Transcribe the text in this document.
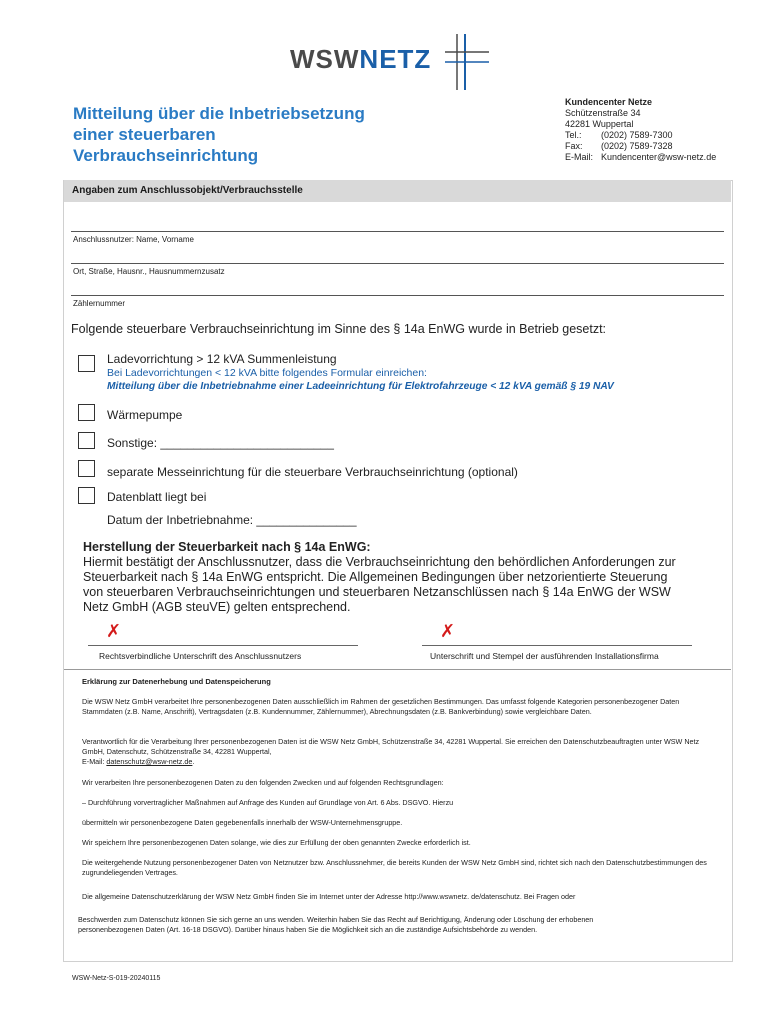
WSWNETZ
Mitteilung über die Inbetriebsetzung
einer steuerbaren
Verbrauchseinrichtung
Kundencenter Netze
Schützenstraße 34
42281 Wuppertal
Tel.: (0202) 7589-7300
Fax: (0202) 7589-7328
E-Mail: Kundencenter@wsw-netz.de
Angaben zum Anschlussobjekt/Verbrauchsstelle
Anschlussnutzer: Name, Vorname
Ort, Straße, Hausnr., Hausnummernzusatz
Zählernummer
Folgende steuerbare Verbrauchseinrichtung im Sinne des § 14a EnWG wurde in Betrieb gesetzt:
Ladevorrichtung > 12 kVA Summenleistung
Bei Ladevorrichtungen < 12 kVA bitte folgendes Formular einreichen:
Mitteilung über die Inbetriebnahme einer Ladeeinrichtung für Elektrofahrzeuge < 12 kVA gemäß § 19 NAV
Wärmepumpe
Sonstige: __________________________
separate Messeinrichtung für die steuerbare Verbrauchseinrichtung (optional)
Datenblatt liegt bei
Datum der Inbetriebnahme: _______________
Herstellung der Steuerbarkeit nach § 14a EnWG:
Hiermit bestätigt der Anschlussnutzer, dass die Verbrauchseinrichtung den behördlichen Anforderungen zur Steuerbarkeit nach § 14a EnWG entspricht. Die Allgemeinen Bedingungen über netzorientierte Steuerung von steuerbaren Verbrauchseinrichtungen und steuerbaren Netzanschlüssen nach § 14a EnWG der WSW Netz GmbH (AGB steuVE) gelten entsprechend.
✗
Rechtsverbindliche Unterschrift des Anschlussnutzers
✗
Unterschrift und Stempel der ausführenden Installationsfirma
Erklärung zur Datenerhebung und Datenspeicherung
Die WSW Netz GmbH verarbeitet Ihre personenbezogenen Daten ausschließlich im Rahmen der gesetzlichen Bestimmungen. Das umfasst folgende Kategorien personenbezogener Daten Stammdaten (z.B. Name, Anschrift), Vertragsdaten (z.B. Kundennummer, Zählernummer), Abrechnungsdaten (z.B. Bankverbindung) sowie vergleichbare Daten.
Verantwortlich für die Verarbeitung Ihrer personenbezogenen Daten ist die WSW Netz GmbH, Schützenstraße 34, 42281 Wuppertal. Sie erreichen den Datenschutzbeauftragten unter WSW Netz GmbH, Datenschutz, Schützenstraße 34, 42281 Wuppertal,
E-Mail: datenschutz@wsw-netz.de.
Wir verarbeiten Ihre personenbezogenen Daten zu den folgenden Zwecken und auf folgenden Rechtsgrundlagen:
– Durchführung vorvertraglicher Maßnahmen auf Anfrage des Kunden auf Grundlage von Art. 6 Abs. DSGVO. Hierzu
übermitteln wir personenbezogene Daten gegebenenfalls innerhalb der WSW-Unternehmensgruppe.
Wir speichern Ihre personenbezogenen Daten solange, wie dies zur Erfüllung der oben genannten Zwecke erforderlich ist.
Die weitergehende Nutzung personenbezogener Daten von Netznutzer bzw. Anschlussnehmer, die bereits Kunden der WSW Netz GmbH sind, richtet sich nach den Datenschutzbestimmungen des zugrundeliegenden Vertrages.
Die allgemeine Datenschutzerklärung der WSW Netz GmbH finden Sie im Internet unter der Adresse http://www.wswnetz. de/datenschutz. Bei Fragen oder
Beschwerden zum Datenschutz können Sie sich gerne an uns wenden. Weiterhin haben Sie das Recht auf Berichtigung, Änderung oder Löschung der erhobenen personenbezogenen Daten (Art. 16-18 DSGVO). Darüber hinaus haben Sie die Möglichkeit sich an die zuständige Aufsichtsbehörde zu wenden.
WSW-Netz-S-019-20240115
